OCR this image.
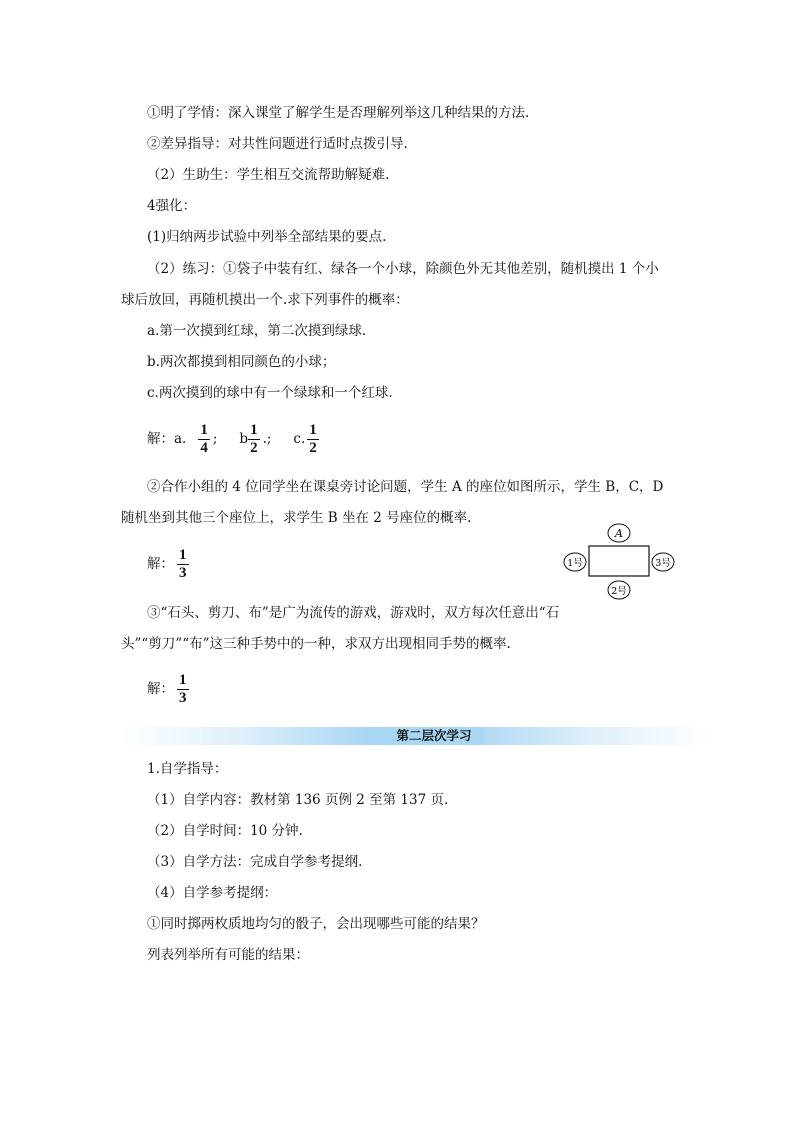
①明了学情：深入课堂了解学生是否理解列举这几种结果的方法.
②差异指导：对共性问题进行适时点拨引导.
（2）生助生：学生相互交流帮助解疑难.
4强化：
(1)归纳两步试验中列举全部结果的要点.
（2）练习：①袋子中装有红、绿各一个小球，除颜色外无其他差别，随机摸出 1 个小
球后放回，再随机摸出一个.求下列事件的概率：
a.第一次摸到红球，第二次摸到绿球.
b.两次都摸到相同颜色的小球；
c.两次摸到的球中有一个绿球和一个红球.
解：a. $\frac{1}{4}$ ; b $\frac{1}{2}$ .; c. $\frac{1}{2}$
②合作小组的 4 位同学坐在课桌旁讨论问题，学生 A 的座位如图所示，学生 B，C，D
随机坐到其他三个座位上，求学生 B 坐在 2 号座位的概率.
解： $\frac{1}{3}$
A
1号	3号
2号
③“石头、剪刀、布”是广为流传的游戏，游戏时，双方每次任意出“石
头”“剪刀”“布”这三种手势中的一种，求双方出现相同手势的概率.
解： $\frac{1}{3}$
第二层次学习
1.自学指导：
（1）自学内容：教材第 136 页例 2 至第 137 页.
（2）自学时间：10 分钟.
（3）自学方法：完成自学参考提纲.
（4）自学参考提纲：
①同时掷两枚质地均匀的骰子，会出现哪些可能的结果？
列表列举所有可能的结果：
